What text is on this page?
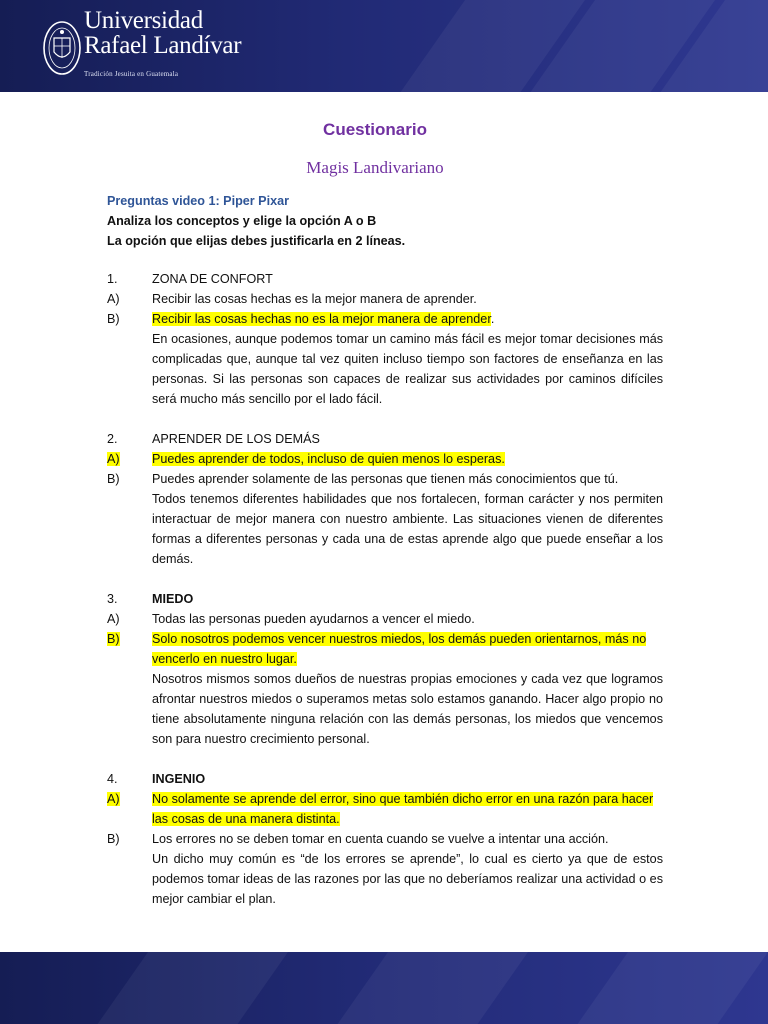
Universidad
Rafael Landívar
Tradición Jesuita en Guatemala
Cuestionario
Magis Landivariano
Preguntas video 1: Piper Pixar
Analiza los conceptos y elige la opción A o B
La opción que elijas debes justificarla en 2 líneas.
1.	ZONA DE CONFORT
A)	Recibir las cosas hechas es la mejor manera de aprender.
B)	Recibir las cosas hechas no es la mejor manera de aprender.
En ocasiones, aunque podemos tomar un camino más fácil es mejor tomar decisiones más complicadas que, aunque tal vez quiten incluso tiempo son factores de enseñanza en las personas. Si las personas son capaces de realizar sus actividades por caminos difíciles será mucho más sencillo por el lado fácil.
2.	APRENDER DE LOS DEMÁS
A)	Puedes aprender de todos, incluso de quien menos lo esperas.
B)	Puedes aprender solamente de las personas que tienen más conocimientos que tú.
Todos tenemos diferentes habilidades que nos fortalecen, forman carácter y nos permiten interactuar de mejor manera con nuestro ambiente. Las situaciones vienen de diferentes formas a diferentes personas y cada una de estas aprende algo que puede enseñar a los demás.
3.	MIEDO
A)	Todas las personas pueden ayudarnos a vencer el miedo.
B)	Solo nosotros podemos vencer nuestros miedos, los demás pueden orientarnos, más no vencerlo en nuestro lugar.
Nosotros mismos somos dueños de nuestras propias emociones y cada vez que logramos afrontar nuestros miedos o superamos metas solo estamos ganando. Hacer algo propio no tiene absolutamente ninguna relación con las demás personas, los miedos que vencemos son para nuestro crecimiento personal.
4.	INGENIO
A)	No solamente se aprende del error, sino que también dicho error en una razón para hacer las cosas de una manera distinta.
B)	Los errores no se deben tomar en cuenta cuando se vuelve a intentar una acción.
Un dicho muy común es “de los errores se aprende”, lo cual es cierto ya que de estos podemos tomar ideas de las razones por las que no deberíamos realizar una actividad o es mejor cambiar el plan.
